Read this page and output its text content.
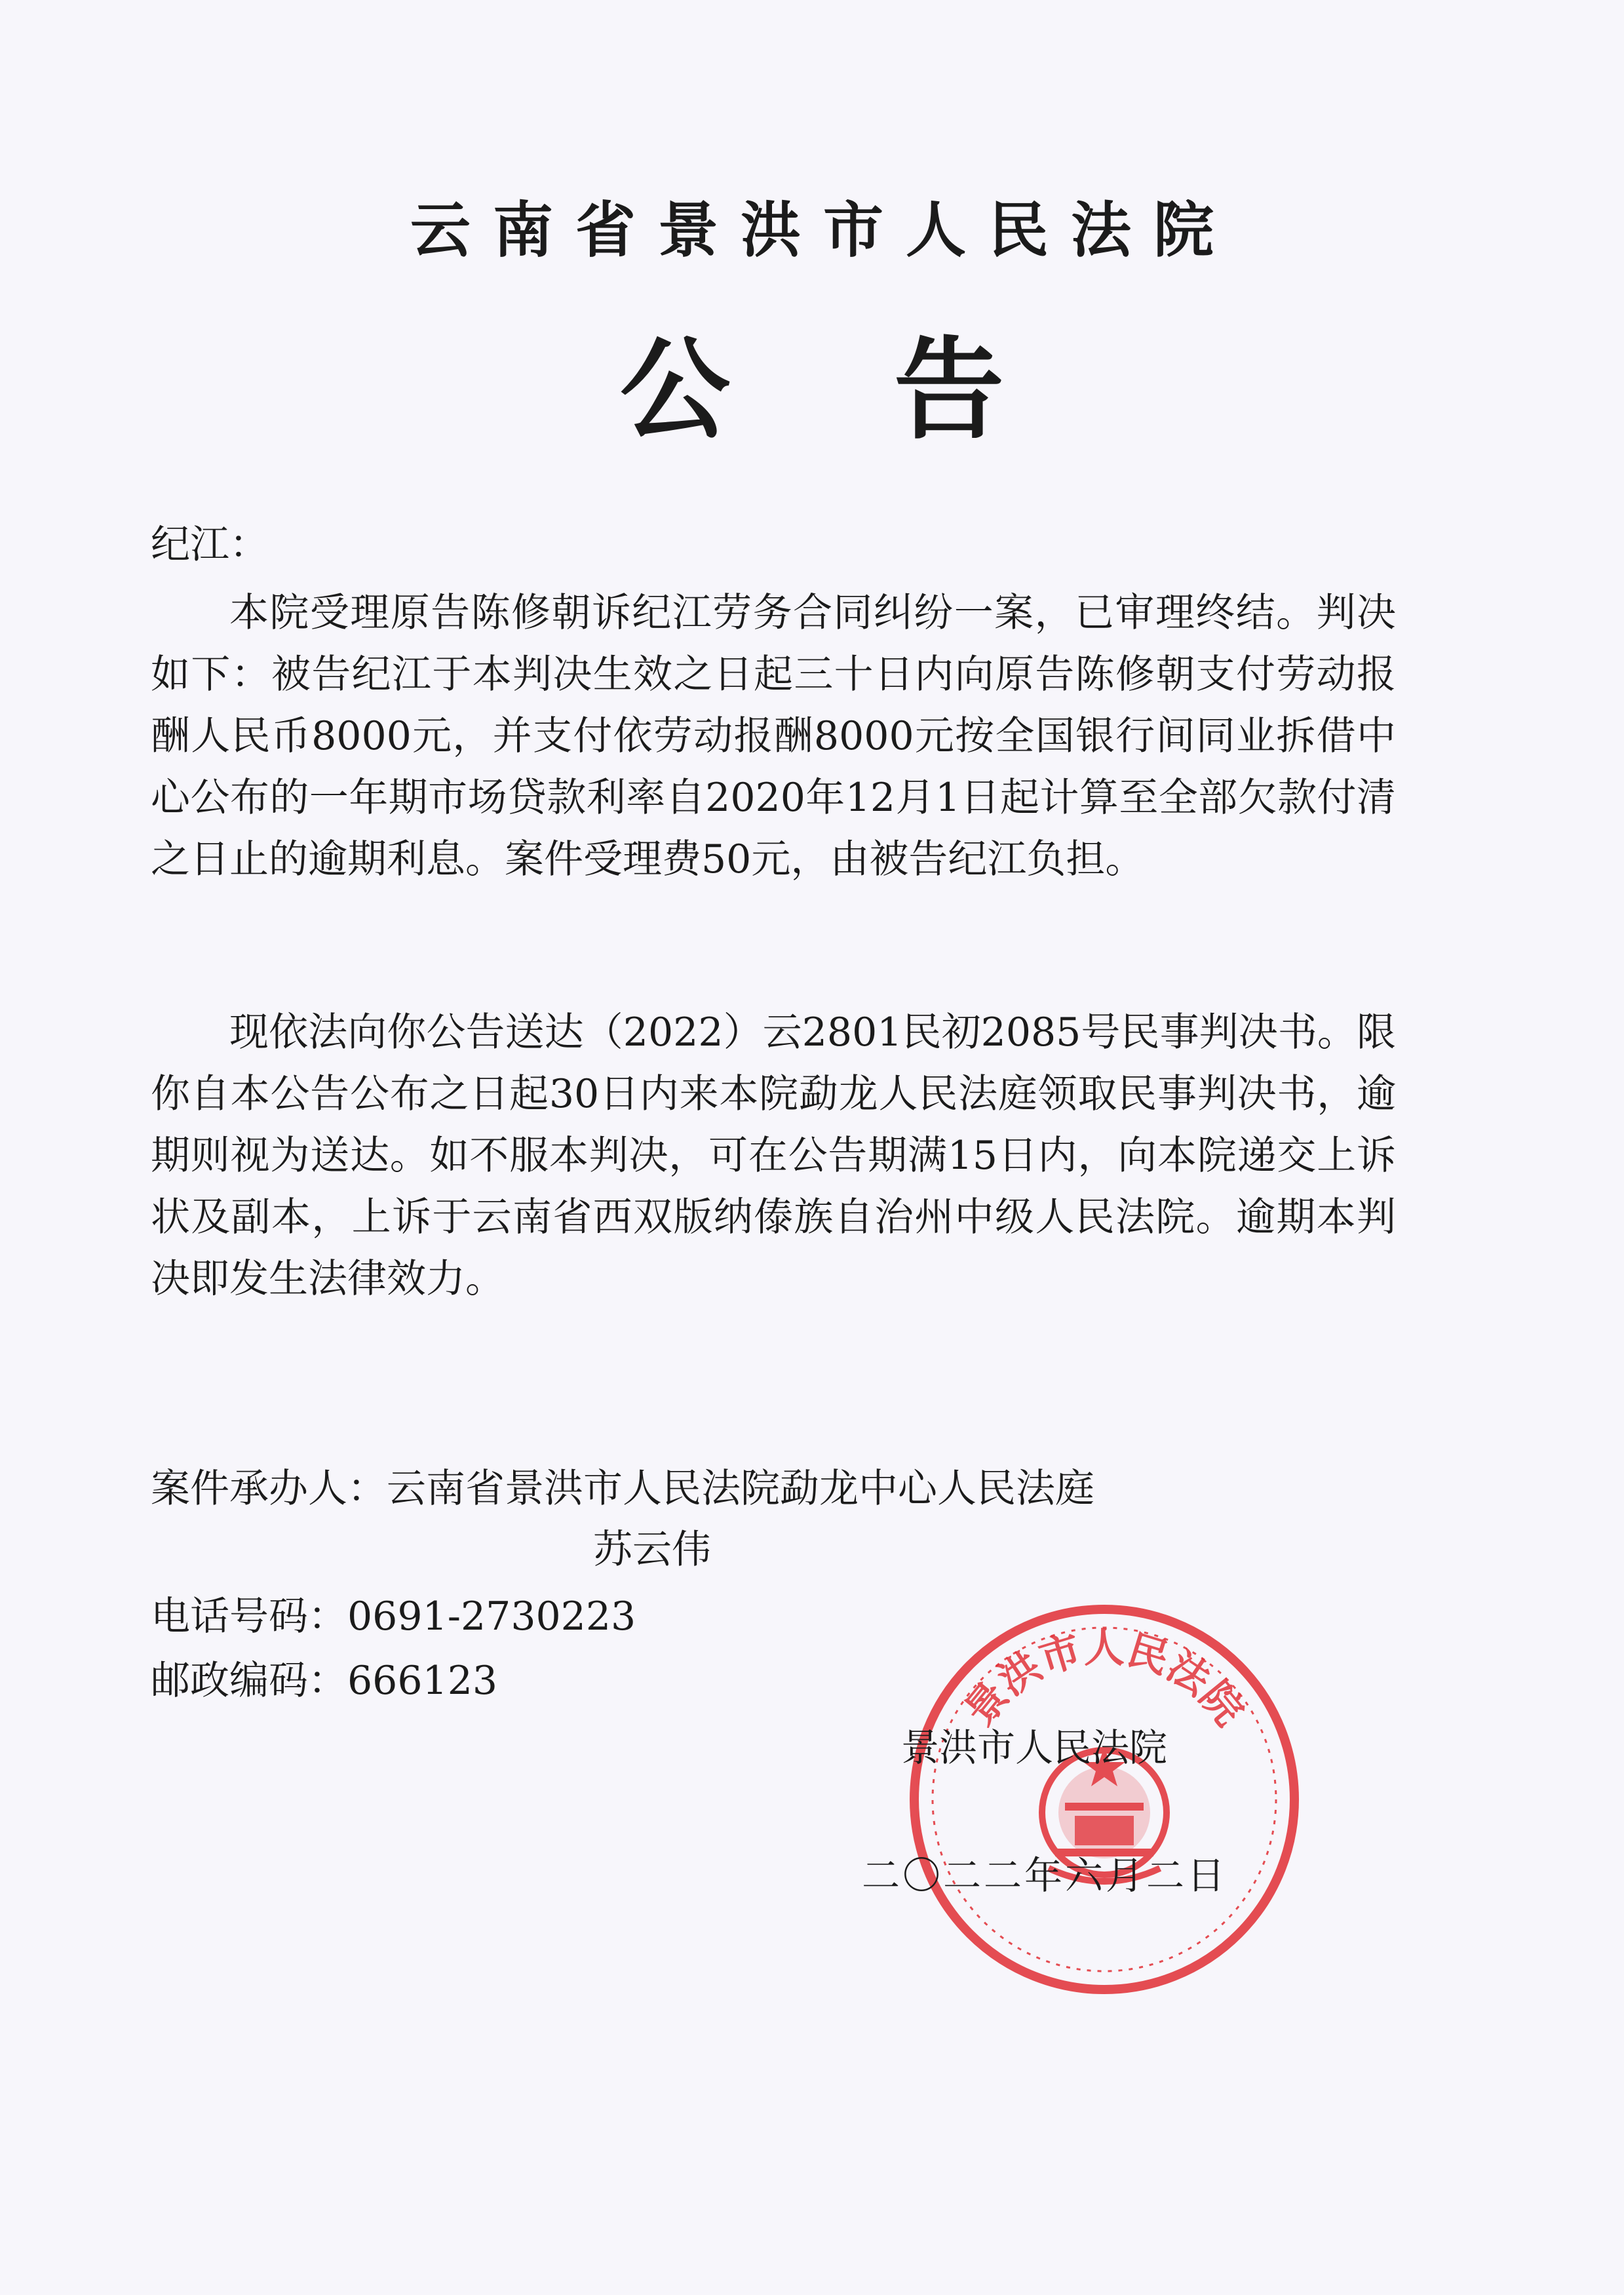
云南省景洪市人民法院
公告
纪江：
本院受理原告陈修朝诉纪江劳务合同纠纷一案，已审理终结。判决如下：被告纪江于本判决生效之日起三十日内向原告陈修朝支付劳动报酬人民币8000元，并支付依劳动报酬8000元按全国银行间同业拆借中心公布的一年期市场贷款利率自2020年12月1日起计算至全部欠款付清之日止的逾期利息。案件受理费50元，由被告纪江负担。
现依法向你公告送达（2022）云2801民初2085号民事判决书。限你自本公告公布之日起30日内来本院勐龙人民法庭领取民事判决书，逾期则视为送达。如不服本判决，可在公告期满15日内，向本院递交上诉状及副本，上诉于云南省西双版纳傣族自治州中级人民法院。逾期本判决即发生法律效力。
案件承办人：云南省景洪市人民法院勐龙中心人民法庭
苏云伟
电话号码：0691-2730223
邮政编码：666123	景洪市人民法院
景洪市人民法院
二〇二二年六月二日
